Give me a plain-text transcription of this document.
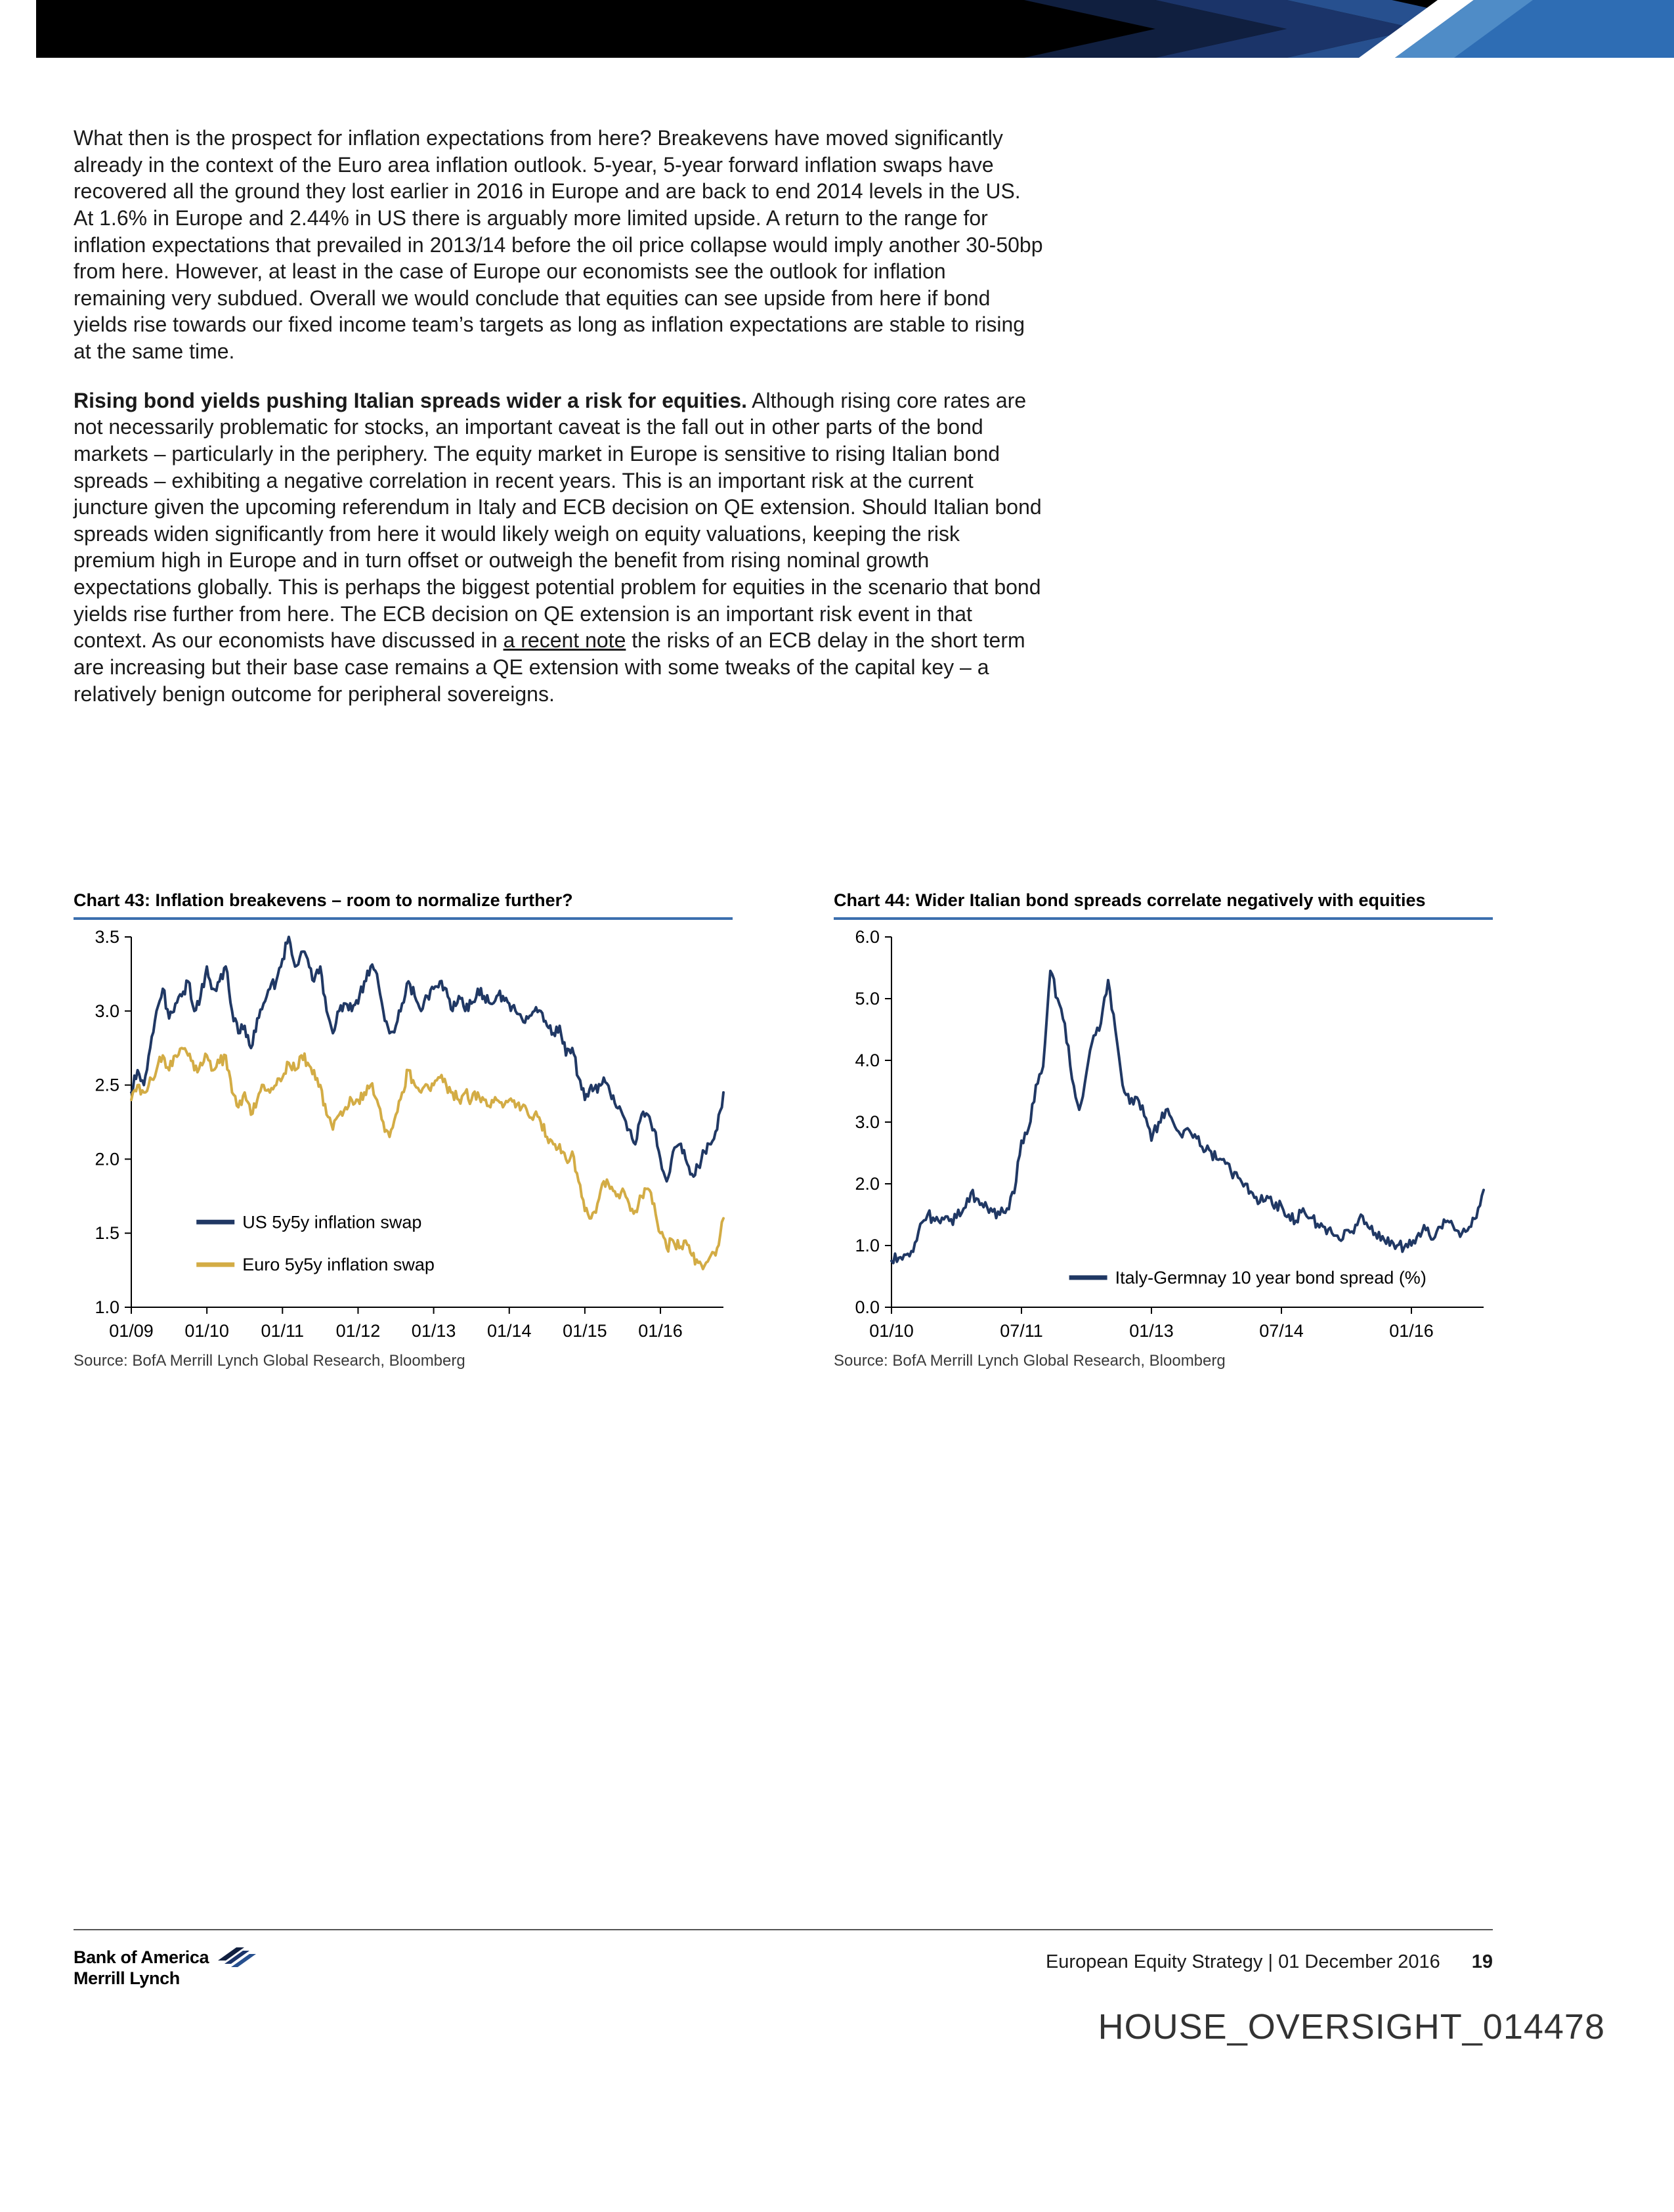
What then is the prospect for inflation expectations from here? Breakevens have moved significantly already in the context of the Euro area inflation outlook. 5-year, 5-year forward inflation swaps have recovered all the ground they lost earlier in 2016 in Europe and are back to end 2014 levels in the US. At 1.6% in Europe and 2.44% in US there is arguably more limited upside. A return to the range for inflation expectations that prevailed in 2013/14 before the oil price collapse would imply another 30-50bp from here. However, at least in the case of Europe our economists see the outlook for inflation remaining very subdued. Overall we would conclude that equities can see upside from here if bond yields rise towards our fixed income team’s targets as long as inflation expectations are stable to rising at the same time.

Rising bond yields pushing Italian spreads wider a risk for equities. Although rising core rates are not necessarily problematic for stocks, an important caveat is the fall out in other parts of the bond markets – particularly in the periphery. The equity market in Europe is sensitive to rising Italian bond spreads – exhibiting a negative correlation in recent years. This is an important risk at the current juncture given the upcoming referendum in Italy and ECB decision on QE extension. Should Italian bond spreads widen significantly from here it would likely weigh on equity valuations, keeping the risk premium high in Europe and in turn offset or outweigh the benefit from rising nominal growth expectations globally. This is perhaps the biggest potential problem for equities in the scenario that bond yields rise further from here. The ECB decision on QE extension is an important risk event in that context. As our economists have discussed in a recent note the risks of an ECB delay in the short term are increasing but their base case remains a QE extension with some tweaks of the capital key – a relatively benign outcome for peripheral sovereigns.

Chart 43: Inflation breakevens – room to normalize further?
1.0
1.5
2.0
2.5
3.0
3.5
01/09 01/10 01/11 01/12 01/13 01/14 01/15 01/16
US 5y5y inflation swap
Euro 5y5y inflation swap
Source: BofA Merrill Lynch Global Research, Bloomberg
Chart 44: Wider Italian bond spreads correlate negatively with equities
0.0
1.0
2.0
3.0
4.0
5.0
6.0
01/10	07/11	01/13	07/14	01/16
Italy-Germnay 10 year bond spread (%)
Source: BofA Merrill Lynch Global Research, Bloomberg
Bank of America
Merrill Lynch
European Equity Strategy | 01 December 2016 19
HOUSE_OVERSIGHT_014478
